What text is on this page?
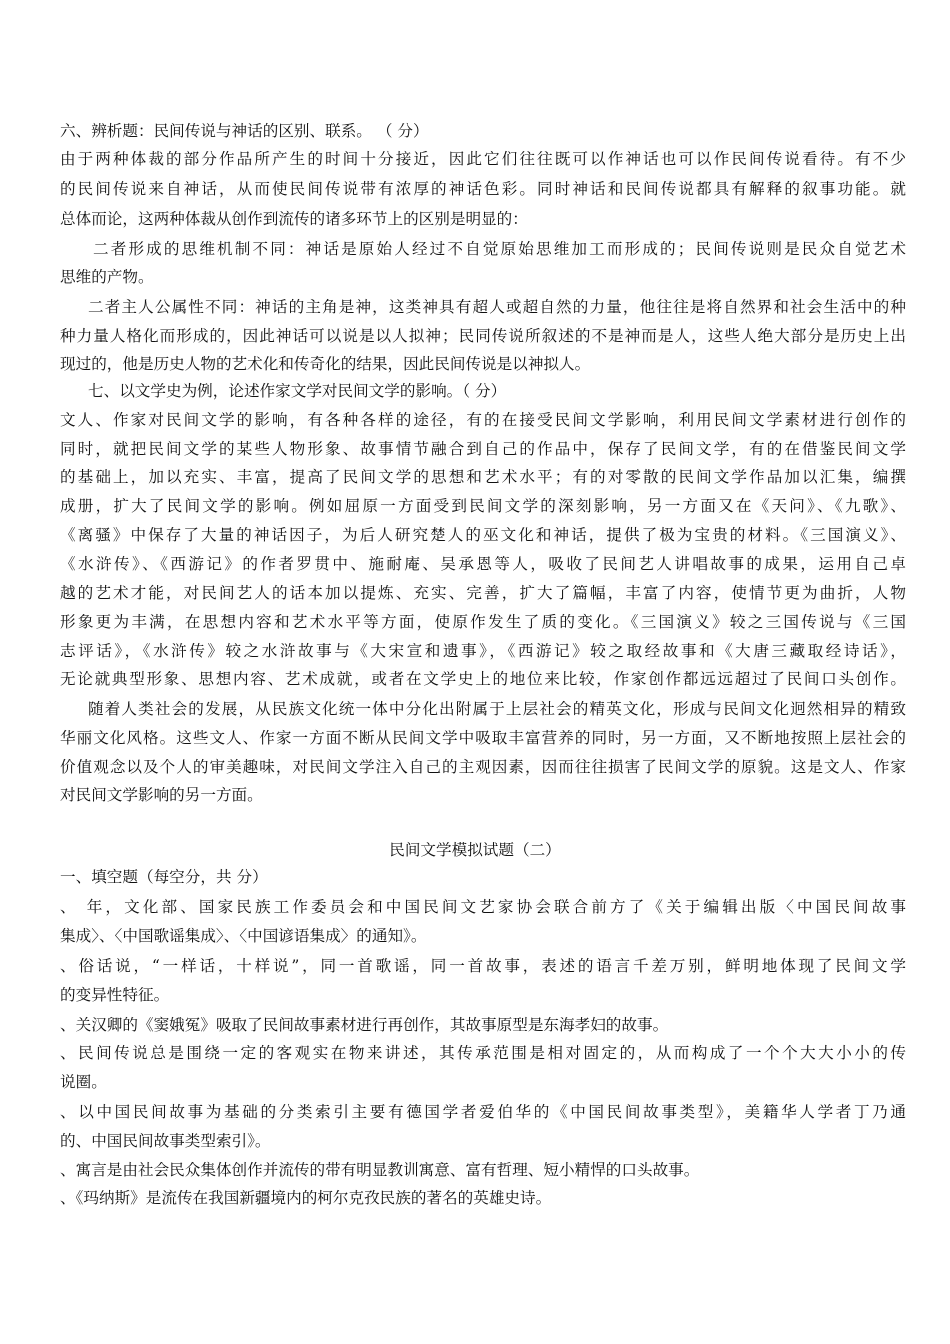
六、辨析题：民间传说与神话的区别、联系。 （ 分）
由于两种体裁的部分作品所产生的时间十分接近，因此它们往往既可以作神话也可以作民间传说看待。有不少
的民间传说来自神话，从而使民间传说带有浓厚的神话色彩。同时神话和民间传说都具有解释的叙事功能。就
总体而论，这两种体裁从创作到流传的诸多环节上的区别是明显的：
二者形成的思维机制不同：神话是原始人经过不自觉原始思维加工而形成的；民间传说则是民众自觉艺术
思维的产物。
二者主人公属性不同：神话的主角是神，这类神具有超人或超自然的力量，他往往是将自然界和社会生活中的种
种力量人格化而形成的，因此神话可以说是以人拟神；民同传说所叙述的不是神而是人，这些人绝大部分是历史上出
现过的，他是历史人物的艺术化和传奇化的结果，因此民间传说是以神拟人。
七、以文学史为例，论述作家文学对民间文学的影响。（ 分）
文人、作家对民间文学的影响，有各种各样的途径，有的在接受民间文学影响，利用民间文学素材进行创作的
同时，就把民间文学的某些人物形象、故事情节融合到自己的作品中，保存了民间文学，有的在借鉴民间文学
的基础上，加以充实、丰富，提高了民间文学的思想和艺术水平；有的对零散的民间文学作品加以汇集，编撰
成册，扩大了民间文学的影响。例如屈原一方面受到民间文学的深刻影响，另一方面又在《天问》、《九歌》、
《离骚》中保存了大量的神话因子，为后人研究楚人的巫文化和神话，提供了极为宝贵的材料。《三国演义》、
《水浒传》、《西游记》的作者罗贯中、施耐庵、吴承恩等人，吸收了民间艺人讲唱故事的成果，运用自己卓
越的艺术才能，对民间艺人的话本加以提炼、充实、完善，扩大了篇幅，丰富了内容，使情节更为曲折，人物
形象更为丰满，在思想内容和艺术水平等方面，使原作发生了质的变化。《三国演义》较之三国传说与《三国
志评话》，《水浒传》较之水浒故事与《大宋宣和遗事》，《西游记》较之取经故事和《大唐三藏取经诗话》，
无论就典型形象、思想内容、艺术成就，或者在文学史上的地位来比较，作家创作都远远超过了民间口头创作。
随着人类社会的发展，从民族文化统一体中分化出附属于上层社会的精英文化，形成与民间文化迥然相异的精致
华丽文化风格。这些文人、作家一方面不断从民间文学中吸取丰富营养的同时，另一方面，又不断地按照上层社会的
价值观念以及个人的审美趣味，对民间文学注入自己的主观因素，因而往往损害了民间文学的原貌。这是文人、作家
对民间文学影响的另一方面。
民间文学模拟试题（二）
一、填空题（每空分，共 分）
、 年，文化部、国家民族工作委员会和中国民间文艺家协会联合前方了《关于编辑出版〈中国民间故事
集成〉、〈中国歌谣集成〉、〈中国谚语集成〉的通知》。
、俗话说，“一样话，十样说”，同一首歌谣，同一首故事，表述的语言千差万别，鲜明地体现了民间文学
的变异性特征。
、关汉卿的《窦娥冤》吸取了民间故事素材进行再创作，其故事原型是东海孝妇的故事。
、民间传说总是围绕一定的客观实在物来讲述，其传承范围是相对固定的，从而构成了一个个大大小小的传
说圈。
、以中国民间故事为基础的分类索引主要有德国学者爱伯华的《中国民间故事类型》，美籍华人学者丁乃通
的、中国民间故事类型索引》。
、寓言是由社会民众集体创作并流传的带有明显教训寓意、富有哲理、短小精悍的口头故事。
、《玛纳斯》是流传在我国新疆境内的柯尔克孜民族的著名的英雄史诗。
